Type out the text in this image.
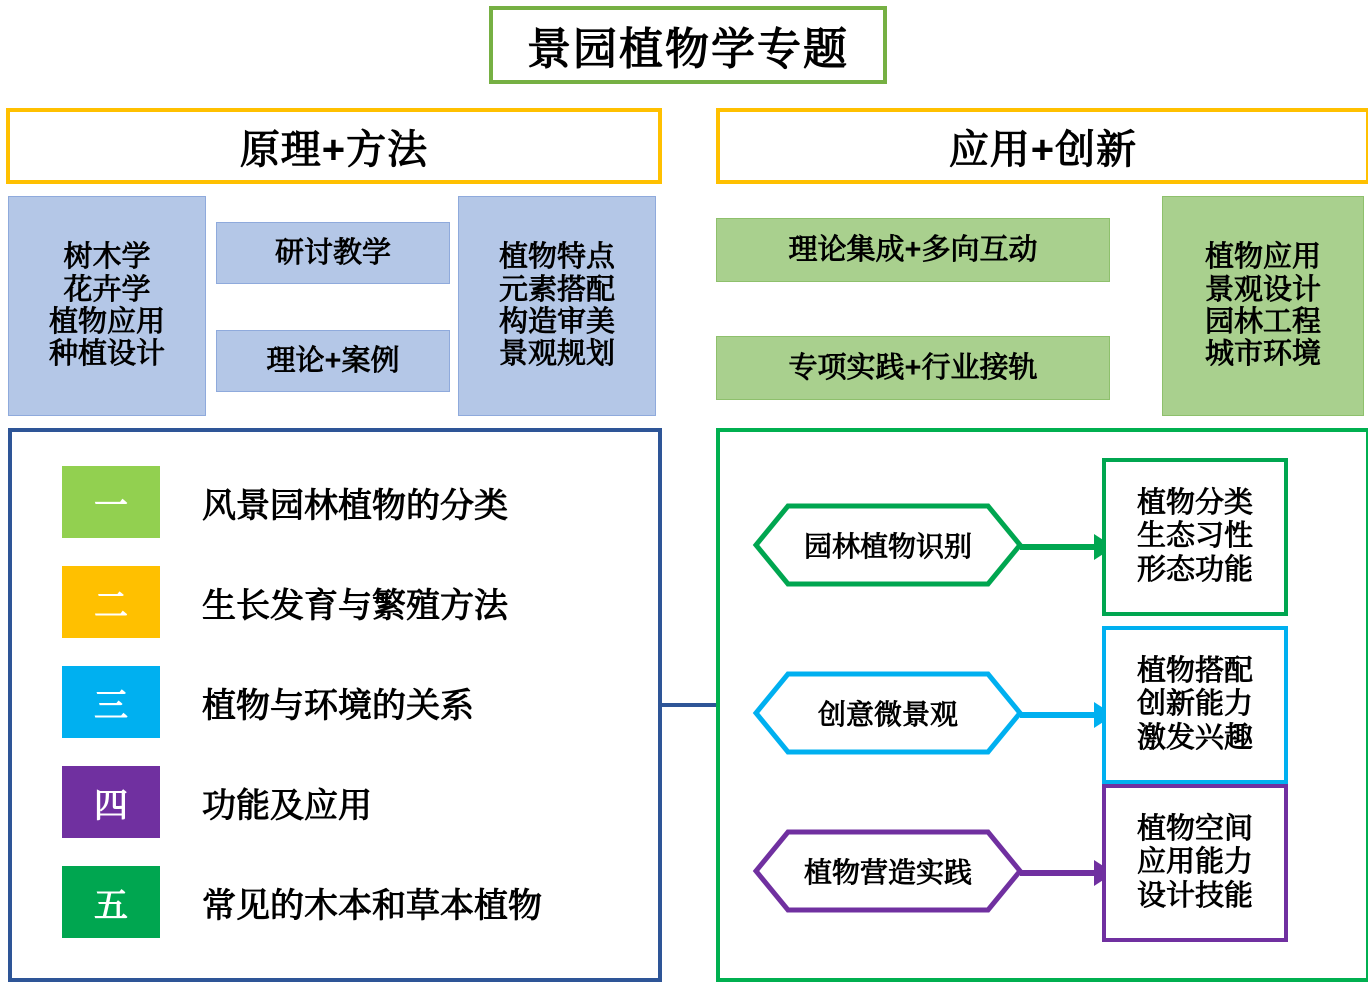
景园植物学专题
原理+方法	应用+创新
树木学
花卉学
植物应用
种植设计
研讨教学
理论+案例
植物特点
元素搭配
构造审美
景观规划
理论集成+多向互动
专项实践+行业接轨
植物应用
景观设计
园林工程
城市环境
一	风景园林植物的分类
二	生长发育与繁殖方法
三	植物与环境的关系
四	功能及应用
五	常见的木本和草本植物
园林植物识别
植物分类
生态习性
形态功能
创意微景观
植物搭配
创新能力
激发兴趣
植物营造实践
植物空间
应用能力
设计技能
